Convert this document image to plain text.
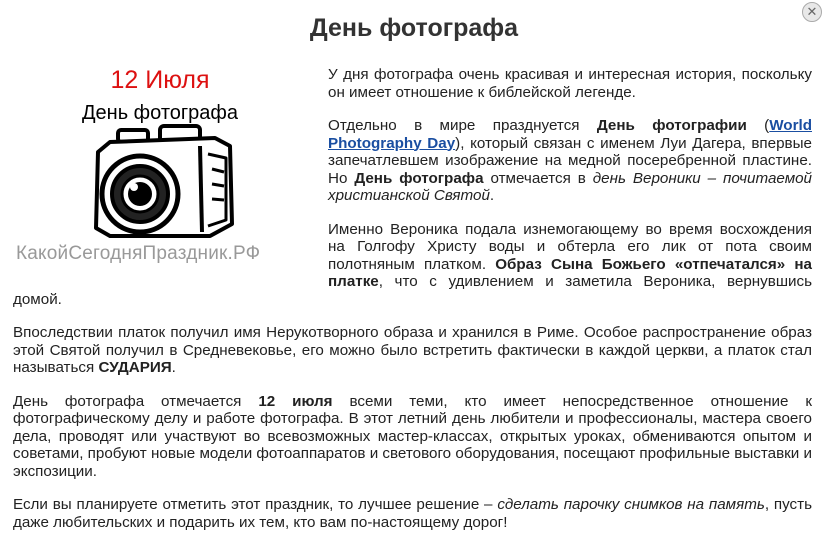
День фотографа
✕
12 Июля
День фотографа
КакойСегодняПраздник.РФ

У дня фотографа очень красивая и интересная история, поскольку он имеет отношение к библейской легенде.

Отдельно в мире празднуется День фотографии (World Photography Day), который связан с именем Луи Дагера, впервые запечатлевшем изображение на медной посеребренной пластине. Но День фотографа отмечается в день Вероники – почитаемой христианской Святой.

Именно Вероника подала изнемогающему во время восхождения на Голгофу Христу воды и обтерла его лик от пота своим полотняным платком. Образ Сына Божьего «отпечатался» на платке, что с удивлением и заметила Вероника, вернувшись домой.

Впоследствии платок получил имя Нерукотворного образа и хранился в Риме. Особое распространение образ этой Святой получил в Средневековье, его можно было встретить фактически в каждой церкви, а платок стал называться СУДАРИЯ.

День фотографа отмечается 12 июля всеми теми, кто имеет непосредственное отношение к фотографическому делу и работе фотографа. В этот летний день любители и профессионалы, мастера своего дела, проводят или участвуют во всевозможных мастер-классах, открытых уроках, обмениваются опытом и советами, пробуют новые модели фотоаппаратов и светового оборудования, посещают профильные выставки и экспозиции.

Если вы планируете отметить этот праздник, то лучшее решение – сделать парочку снимков на память, пусть даже любительских и подарить их тем, кто вам по-настоящему дорог!
